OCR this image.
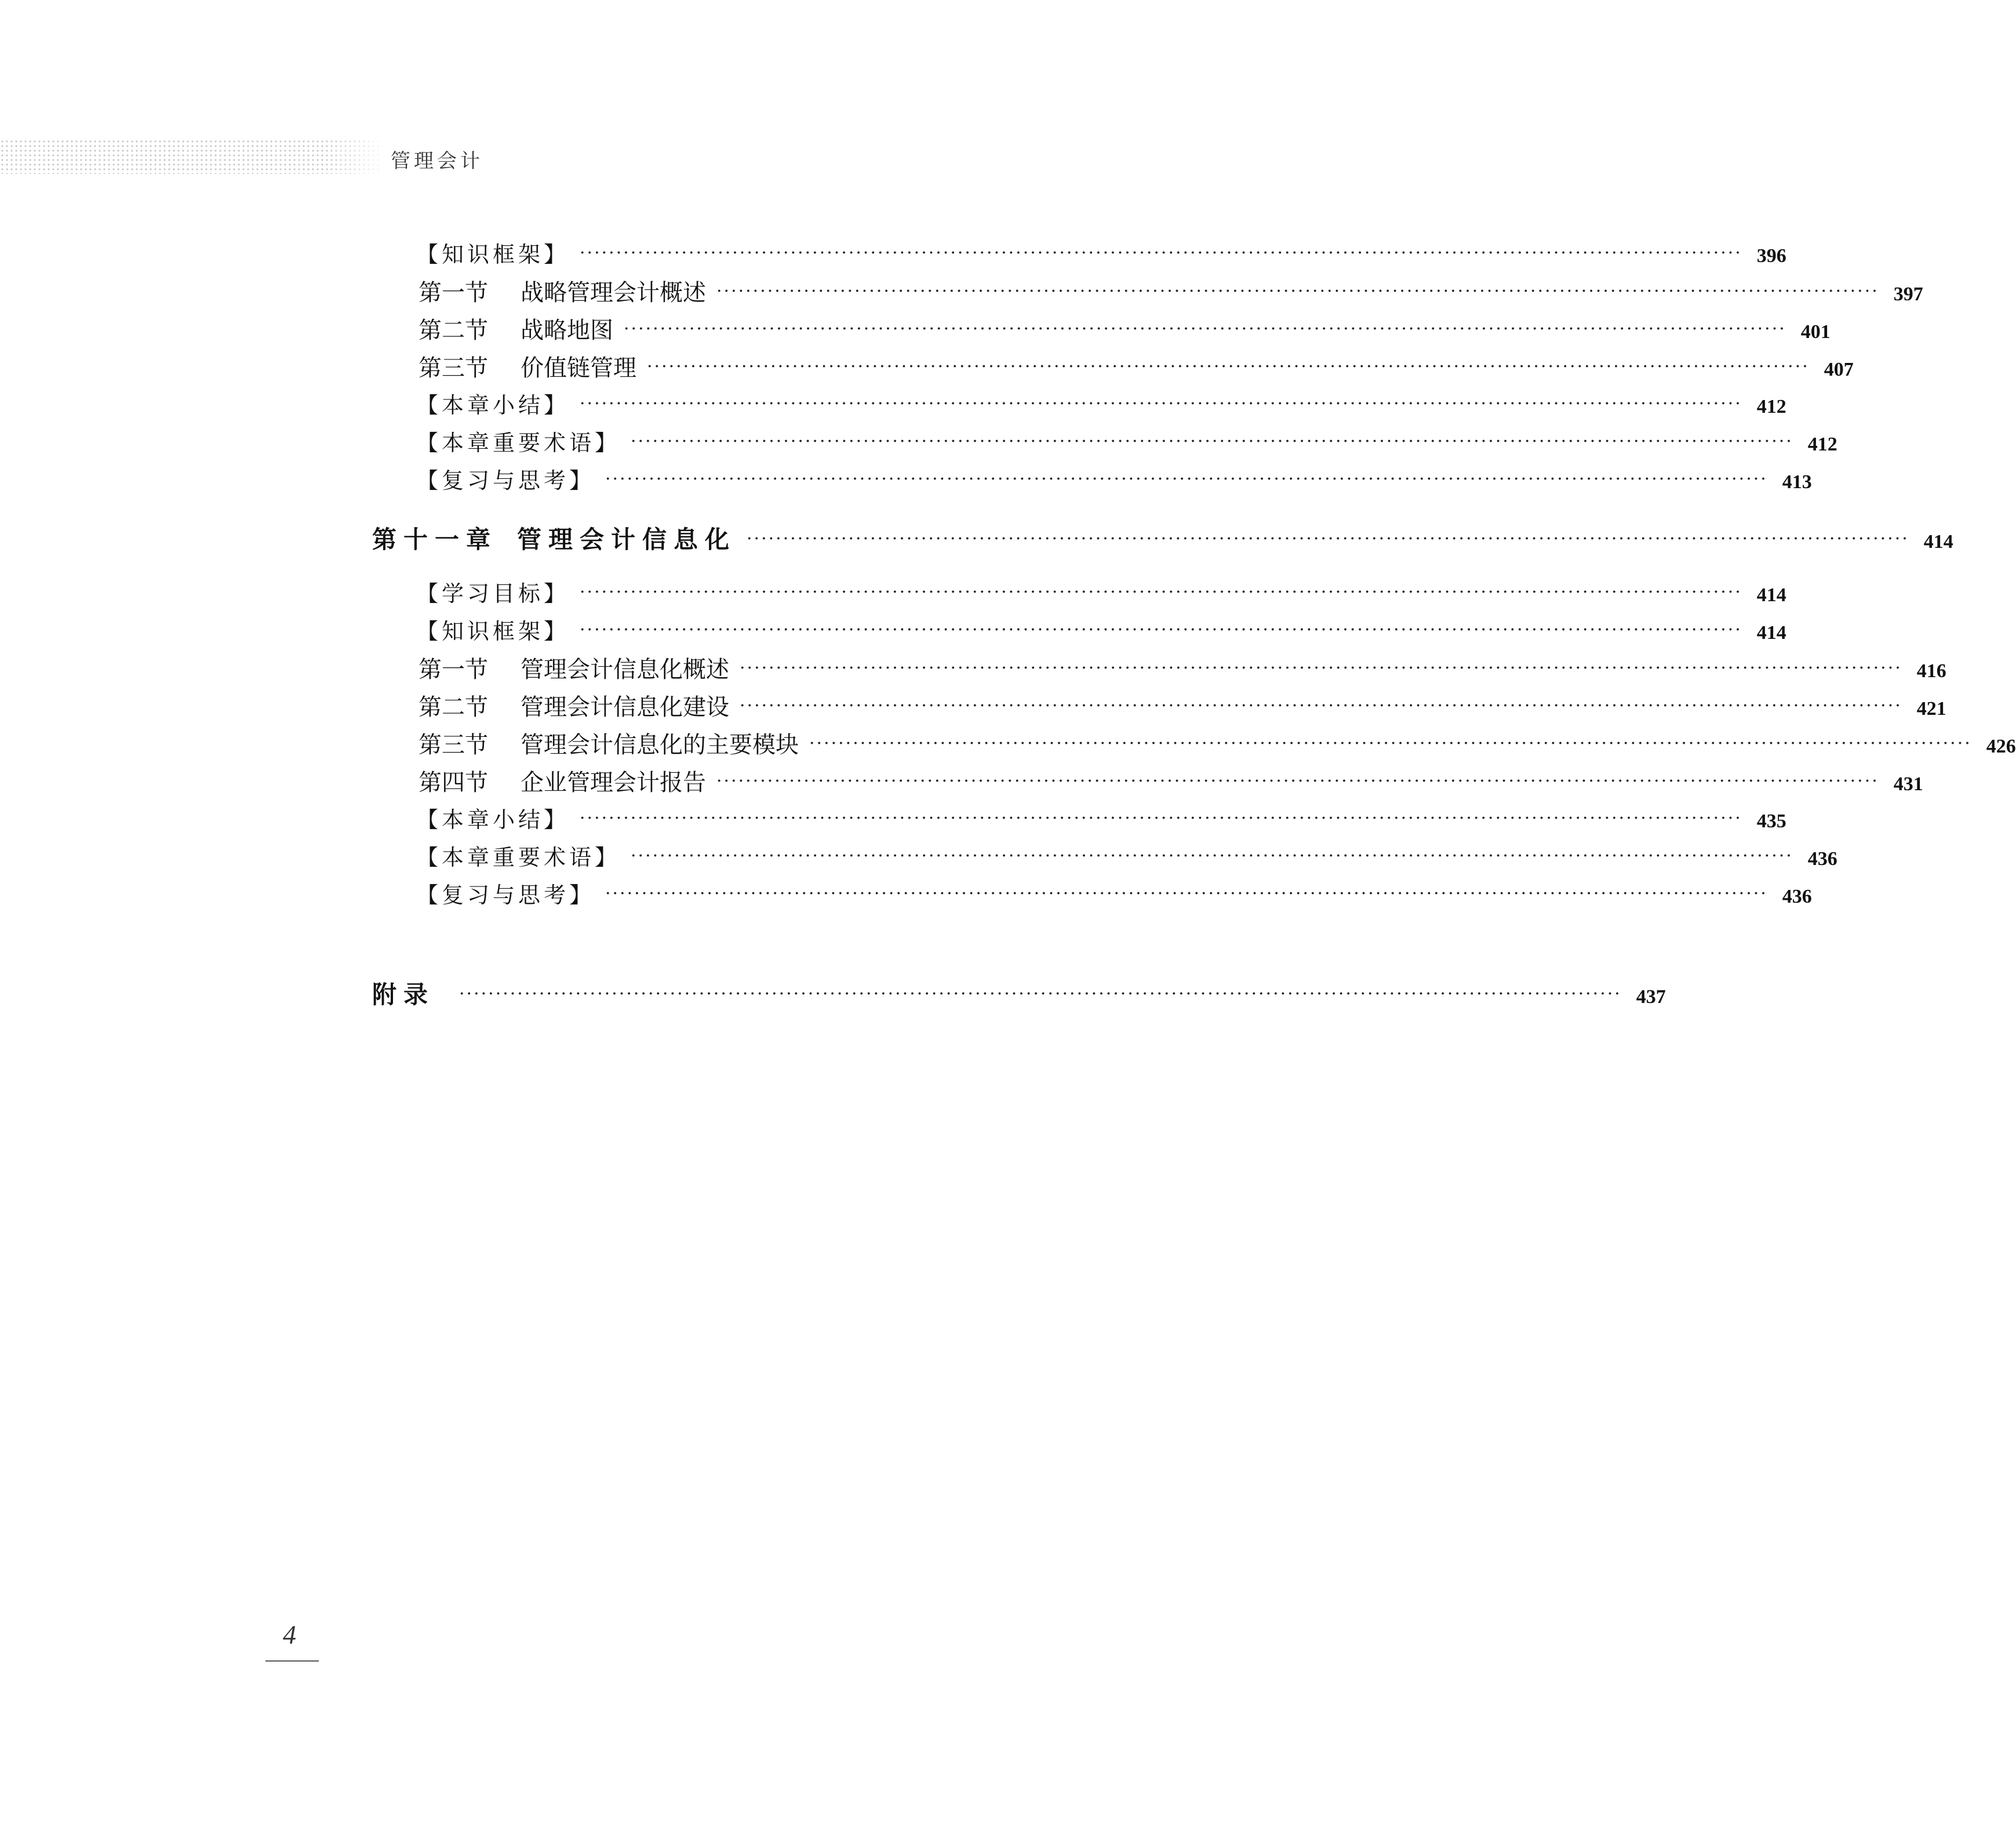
管理会计
【知识框架】 ································································································································································ 396
第一节 战略管理会计概述 ································································································································································ 397
第二节 战略地图 ································································································································································ 401
第三节 价值链管理 ································································································································································ 407
【本章小结】 ································································································································································ 412
【本章重要术语】 ································································································································································ 412
【复习与思考】 ································································································································································ 413
第十一章 管理会计信息化 ································································································································································ 414
【学习目标】 ································································································································································ 414
【知识框架】 ································································································································································ 414
第一节 管理会计信息化概述 ································································································································································ 416
第二节 管理会计信息化建设 ································································································································································ 421
第三节 管理会计信息化的主要模块 ································································································································································ 426
第四节 企业管理会计报告 ································································································································································ 431
【本章小结】 ································································································································································ 435
【本章重要术语】 ································································································································································ 436
【复习与思考】 ································································································································································ 436
附录 ································································································································································ 437
4
